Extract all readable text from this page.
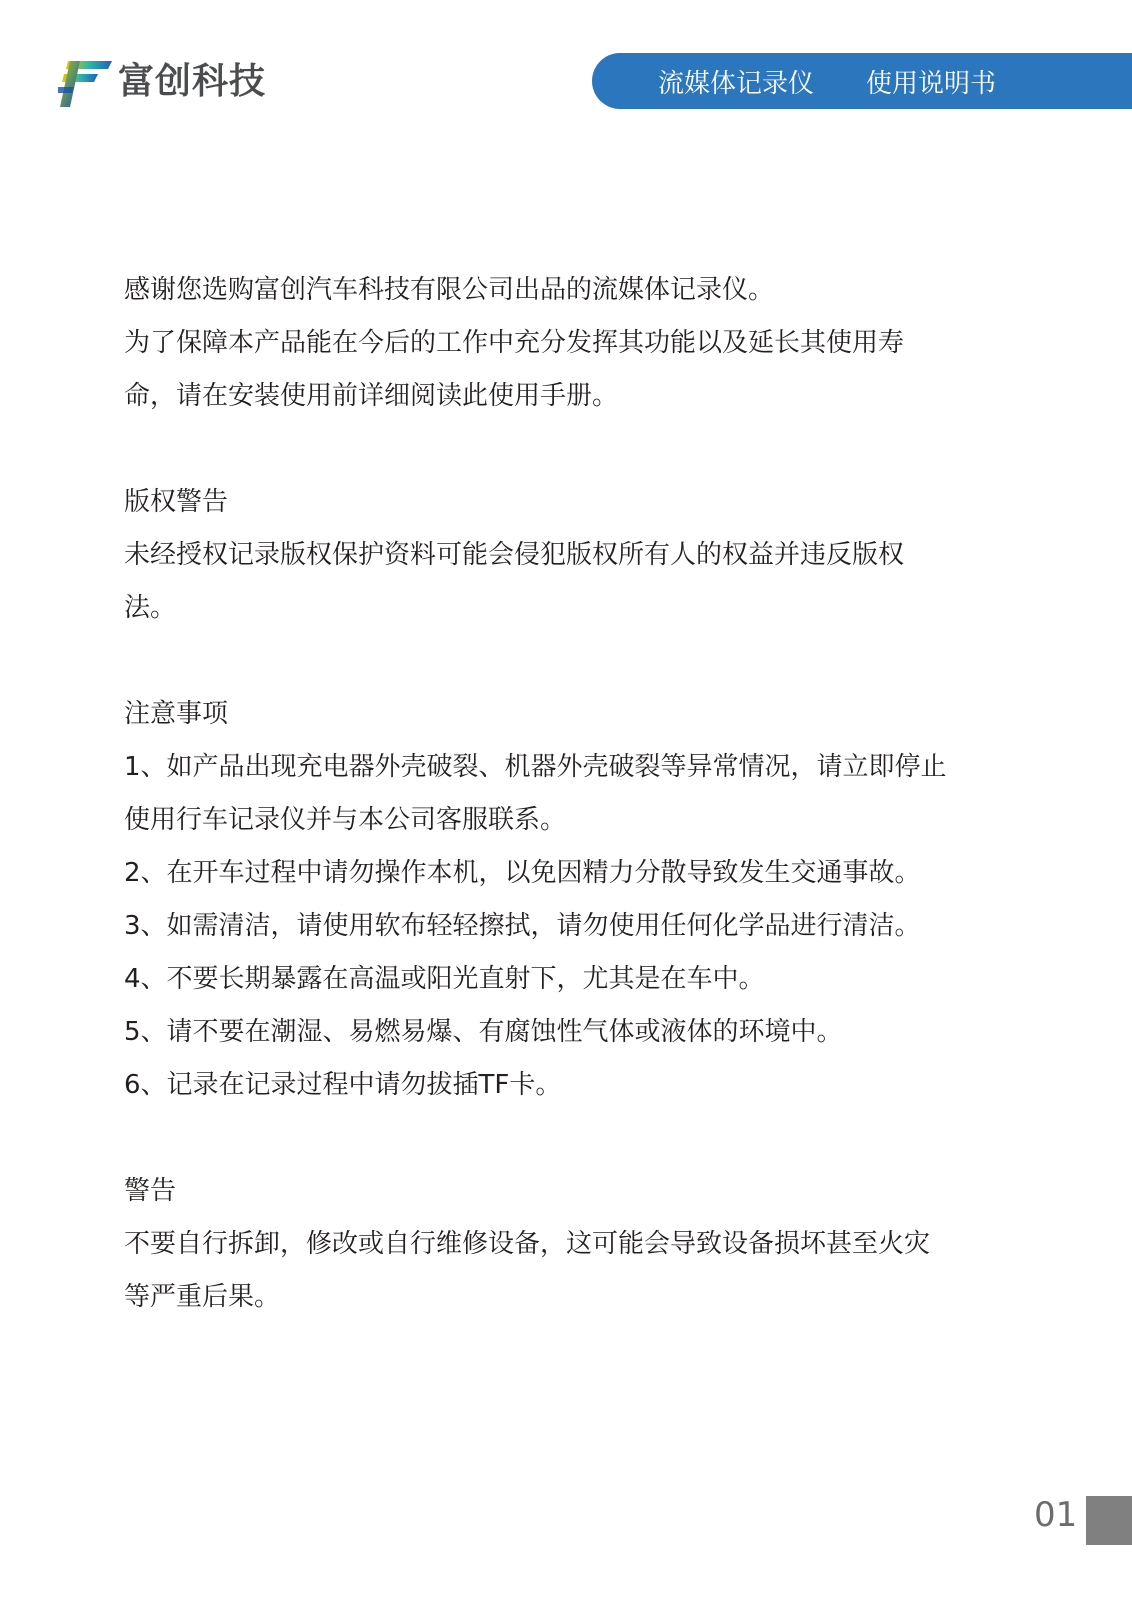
富创科技	流媒体记录仪 使用说明书

感谢您选购富创汽车科技有限公司出品的流媒体记录仪。

为了保障本产品能在今后的工作中充分发挥其功能以及延长其使用寿

命，请在安装使用前详细阅读此使用手册。

版权警告

未经授权记录版权保护资料可能会侵犯版权所有人的权益并违反版权

法。

注意事项

1、如产品出现充电器外壳破裂、机器外壳破裂等异常情况，请立即停止

使用行车记录仪并与本公司客服联系。

2、在开车过程中请勿操作本机，以免因精力分散导致发生交通事故。

3、如需清洁，请使用软布轻轻擦拭，请勿使用任何化学品进行清洁。

4、不要长期暴露在高温或阳光直射下，尤其是在车中。

5、请不要在潮湿、易燃易爆、有腐蚀性气体或液体的环境中。

6、记录在记录过程中请勿拔插TF卡。

警告

不要自行拆卸，修改或自行维修设备，这可能会导致设备损坏甚至火灾

等严重后果。

01
